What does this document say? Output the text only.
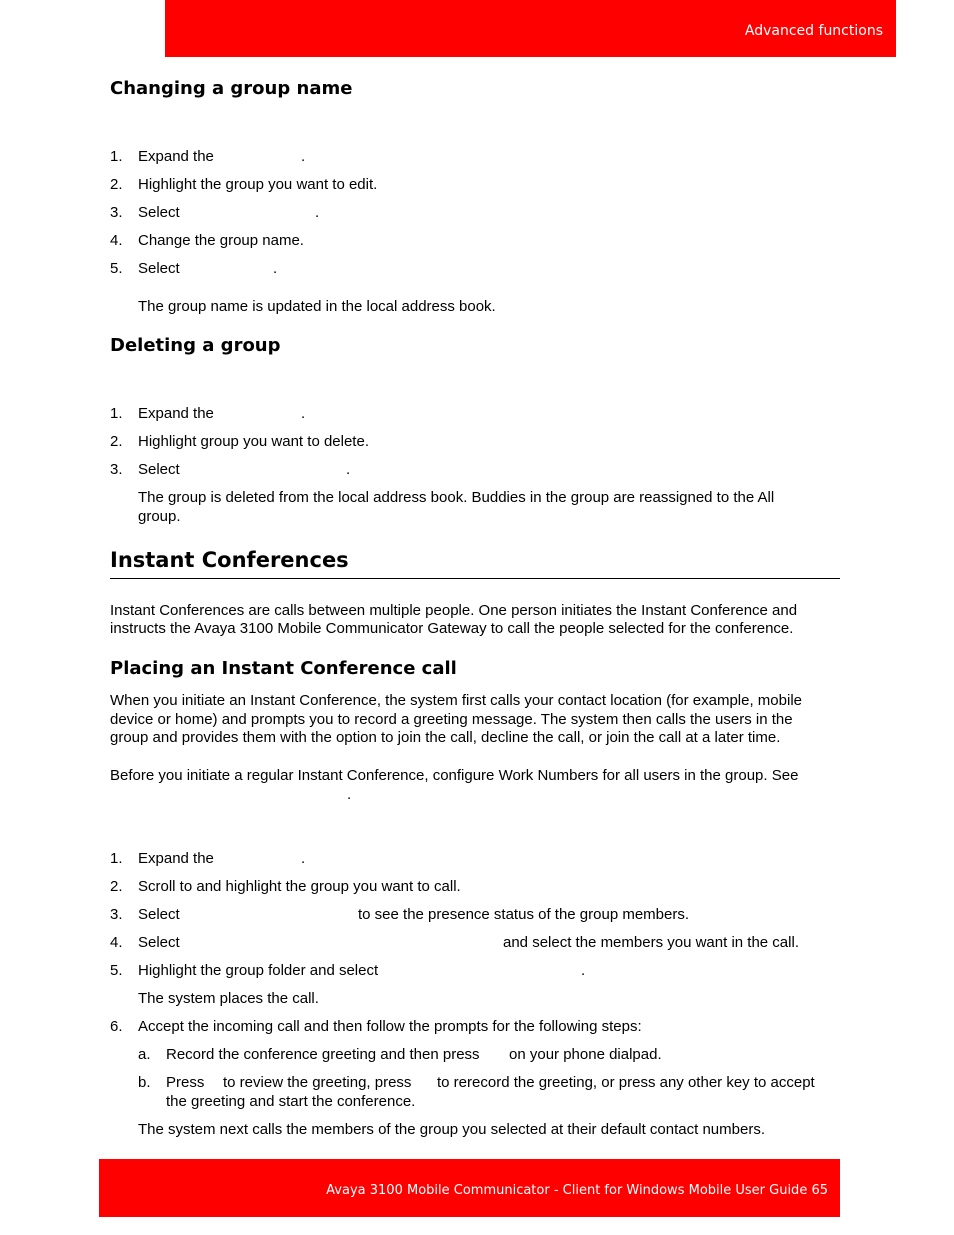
Advanced functions
Changing a group name
1. Expand the	.
2. Highlight the group you want to edit.
3. Select	.
4. Change the group name.
5. Select	.
The group name is updated in the local address book.
Deleting a group
1. Expand the	.
2. Highlight group you want to delete.
3. Select	.
The group is deleted from the local address book. Buddies in the group are reassigned to the All
group.
Instant Conferences
Instant Conferences are calls between multiple people. One person initiates the Instant Conference and
instructs the Avaya 3100 Mobile Communicator Gateway to call the people selected for the conference.
Placing an Instant Conference call
When you initiate an Instant Conference, the system first calls your contact location (for example, mobile
device or home) and prompts you to record a greeting message. The system then calls the users in the
group and provides them with the option to join the call, decline the call, or join the call at a later time.
Before you initiate a regular Instant Conference, configure Work Numbers for all users in the group. See
.
1. Expand the	.
2. Scroll to and highlight the group you want to call.
3. Select	to see the presence status of the group members.
4. Select	and select the members you want in the call.
5. Highlight the group folder and select	.
The system places the call.
6. Accept the incoming call and then follow the prompts for the following steps:
a. Record the conference greeting and then press on your phone dialpad.
b. Press to review the greeting, press to rerecord the greeting, or press any other key to accept
the greeting and start the conference.
The system next calls the members of the group you selected at their default contact numbers.
Avaya 3100 Mobile Communicator - Client for Windows Mobile User Guide 65
